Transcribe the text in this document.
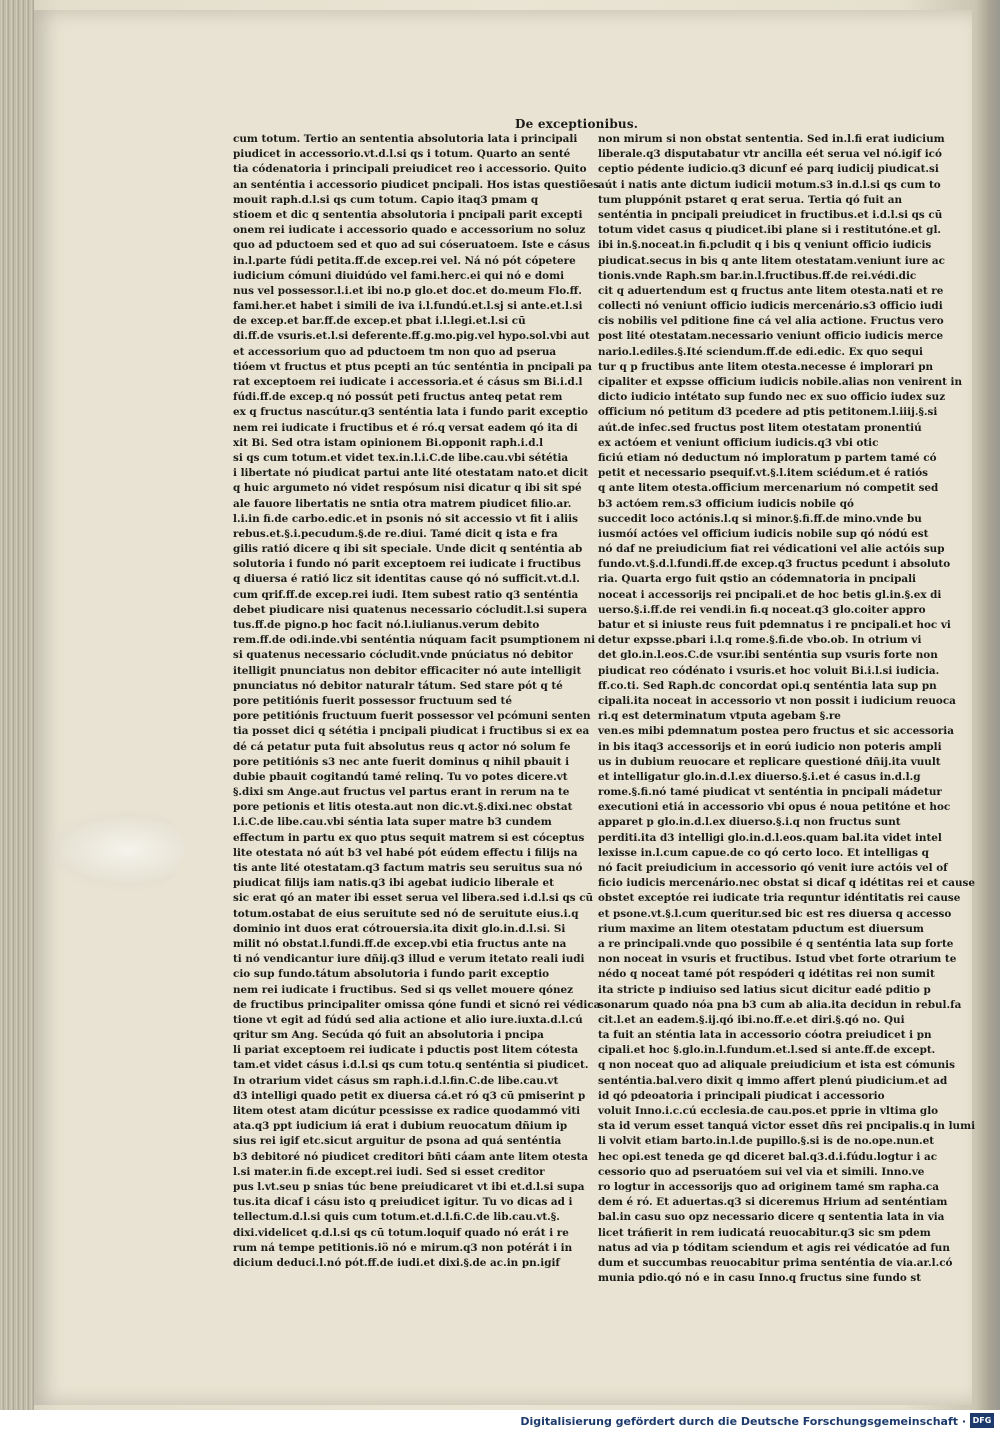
De exceptionibus.
cum totum. Tertio an sententia absolutoria lata i principali
piudicet in accessorio.vt.d.l.si qs i totum. Quarto an senté
tia códenatoria i principali preiudicet reo i accessorio. Quito
an senténtia i accessorio piudicet pncipali. Hos istas questiões
mouit raph.d.l.si qs cum totum. Capio itaq3 pmam q
stioem et dic q sententia absolutoria i pncipali parit excepti
onem rei iudicate i accessorio quado e accessorium no soluz
quo ad pductoem sed et quo ad sui cóseruatoem. Iste e cásus
in.l.parte fúdi petita.ff.de excep.rei vel. Ná nó pót cópetere
iudicium cómuni diuidúdo vel fami.herc.ei qui nó e domi
nus vel possessor.l.i.et ibi no.p glo.et doc.et do.meum Flo.ff.
fami.her.et habet i simili de iva i.l.fundú.et.l.sj si ante.et.l.si
de excep.et bar.ff.de excep.et pbat i.l.legi.et.l.si cū
di.ff.de vsuris.et.l.si deferente.ff.g.mo.pig.vel hypo.sol.vbi aut
et accessorium quo ad pductoem tm non quo ad pserua
tióem vt fructus et ptus pcepti an túc senténtia in pncipali pa
rat exceptoem rei iudicate i accessoria.et é cásus sm Bi.i.d.l
fúdi.ff.de excep.q nó possút peti fructus anteq petat rem
ex q fructus nascútur.q3 senténtia lata i fundo parit exceptio
nem rei iudicate i fructibus et é ró.q versat eadem qó ita di
xit Bi. Sed otra istam opinionem Bi.opponit raph.i.d.l
si qs cum totum.et videt tex.in.l.i.C.de libe.cau.vbi sététia
i libertate nó piudicat partui ante lité otestatam nato.et dicit
q huic argumeto nó videt respósum nisi dicatur q ibi sit spé
ale fauore libertatis ne sntia otra matrem piudicet filio.ar.
l.i.in fi.de carbo.edic.et in psonis nó sit accessio vt fit i aliis
rebus.et.§.i.pecudum.§.de re.diui. Tamé dicit q ista e fra
gilis ratió dicere q ibi sit speciale. Unde dicit q senténtia ab
solutoria i fundo nó parit exceptoem rei iudicate i fructibus
q diuersa é ratió licz sit identitas cause qó nó sufficit.vt.d.l.
cum qrif.ff.de excep.rei iudi. Item subest ratio q3 senténtia
debet piudicare nisi quatenus necessario cócludit.l.si supera
tus.ff.de pigno.p hoc facit nó.l.iulianus.verum debito
rem.ff.de odi.inde.vbi senténtia núquam facit psumptionem ni
si quatenus necessario cócludit.vnde pnúciatus nó debitor
itelligit pnunciatus non debitor efficaciter nó aute intelligit
pnunciatus nó debitor naturalr tátum. Sed stare pót q té
pore petitiónis fuerit possessor fructuum sed té
pore petitiónis fructuum fuerit possessor vel pcómuni senten
tia posset dici q sététia i pncipali piudicat i fructibus si ex ea
dé cá petatur puta fuit absolutus reus q actor nó solum fe
pore petitiónis s3 nec ante fuerit dominus q nihil pbauit i
dubie pbauit cogitandú tamé relinq. Tu vo potes dicere.vt
§.dixi sm Ange.aut fructus vel partus erant in rerum na te
pore petionis et litis otesta.aut non dic.vt.§.dixi.nec obstat
l.i.C.de libe.cau.vbi séntia lata super matre b3 cundem
effectum in partu ex quo ptus sequit matrem si est cóceptus
lite otestata nó aút b3 vel habé pót eúdem effectu i filijs na
tis ante lité otestatam.q3 factum matris seu seruitus sua nó
piudicat filijs iam natis.q3 ibi agebat iudicio liberale et
sic erat qó an mater ibi esset serua vel libera.sed i.d.l.si qs cū
totum.ostabat de eius seruitute sed nó de seruitute eius.i.q
dominio int duos erat cótrouersia.ita dixit glo.in.d.l.si. Si
milit nó obstat.l.fundi.ff.de excep.vbi etia fructus ante na
ti nó vendicantur iure dñij.q3 illud e verum itetato reali iudi
cio sup fundo.tátum absolutoria i fundo parit exceptio
nem rei iudicate i fructibus. Sed si qs vellet mouere qónez
de fructibus principaliter omissa qóne fundi et sicnó rei védica
tione vt egit ad fúdú sed alia actione et alio iure.iuxta.d.l.cú
qritur sm Ang. Secúda qó fuit an absolutoria i pncipa
li pariat exceptoem rei iudicate i pductis post litem cótesta
tam.et videt cásus i.d.l.si qs cum totu.q senténtia si piudicet.
In otrarium videt cásus sm raph.i.d.l.fin.C.de libe.cau.vt
d3 intelligi quado petit ex diuersa cá.et ró q3 cū pmiserint p
litem otest atam dicútur pcessisse ex radice quodammó viti
ata.q3 ppt iudicium iá erat i dubium reuocatum dñium ip
sius rei igif etc.sicut arguitur de psona ad quá senténtia
b3 debitoré nó piudicet creditori bñti cáam ante litem otesta
l.si mater.in fi.de except.rei iudi. Sed si esset creditor
pus l.vt.seu p snias túc bene preiudicaret vt ibi et.d.l.si supa
tus.ita dicaf i cásu isto q preiudicet igitur. Tu vo dicas ad i
tellectum.d.l.si quis cum totum.et.d.l.fi.C.de lib.cau.vt.§.
dixi.videlicet q.d.l.si qs cū totum.loquif quado nó erát i re
rum ná tempe petitionis.iö nó e mirum.q3 non potérát i in
dicium deduci.l.nó pót.ff.de iudi.et dixi.§.de ac.in pn.igif
non mirum si non obstat sententia. Sed in.l.fi erat iudicium
liberale.q3 disputabatur vtr ancilla eét serua vel nó.igif icó
ceptio pédente iudicio.q3 dicunf eé parq iudicij piudicat.si
aút i natis ante dictum iudicii motum.s3 in.d.l.si qs cum to
tum pluppónit pstaret q erat serua. Tertia qó fuit an
senténtia in pncipali preiudicet in fructibus.et i.d.l.si qs cū
totum videt casus q piudicet.ibi plane si i restitutóne.et gl.
ibi in.§.noceat.in fi.pcludit q i bis q veniunt officio iudicis
piudicat.secus in bis q ante litem otestatam.veniunt iure ac
tionis.vnde Raph.sm bar.in.l.fructibus.ff.de rei.védi.dic
cit q aduertendum est q fructus ante litem otesta.nati et re
collecti nó veniunt officio iudicis mercenário.s3 officio iudi
cis nobilis vel pditione fine cá vel alia actione. Fructus vero
post lité otestatam.necessario veniunt officio iudicis merce
nario.l.ediles.§.Ité sciendum.ff.de edi.edic. Ex quo sequi
tur q p fructibus ante litem otesta.necesse é implorari pn
cipaliter et expsse officium iudicis nobile.alias non venirent in
dicto iudicio intétato sup fundo nec ex suo officio iudex suz
officium nó petitum d3 pcedere ad ptis petitonem.l.iiij.§.si
aút.de infec.sed fructus post litem otestatam pronentiú
ex actóem et veniunt officium iudicis.q3 vbi otic
ficiú etiam nó deductum nó imploratum p partem tamé có
petit et necessario psequif.vt.§.l.item sciédum.et é ratiós
q ante litem otesta.officium mercenarium nó competit sed
b3 actóem rem.s3 officium iudicis nobile qó
succedit loco actónis.l.q si minor.§.fi.ff.de mino.vnde bu
iusmóí actóes vel officium iudicis nobile sup qó nódú est
nó daf ne preiudicium fiat rei védicationi vel alie actóis sup
fundo.vt.§.d.l.fundi.ff.de excep.q3 fructus pcedunt i absoluto
ria. Quarta ergo fuit qstio an códemnatoria in pncipali
noceat i accessorijs rei pncipali.et de hoc betis gl.in.§.ex di
uerso.§.i.ff.de rei vendi.in fi.q noceat.q3 glo.coiter appro
batur et si iniuste reus fuit pdemnatus i re pncipali.et hoc vi
detur expsse.pbari i.l.q rome.§.fi.de vbo.ob. In otrium vi
det glo.in.l.eos.C.de vsur.ibi senténtia sup vsuris forte non
piudicat reo códénato i vsuris.et hoc voluit Bi.i.l.si iudicia.
ff.co.ti. Sed Raph.dc concordat opi.q senténtia lata sup pn
cipali.ita noceat in accessorio vt non possit i iudicium reuoca
ri.q est determinatum vtputa agebam §.re
ven.es mibi pdemnatum postea pero fructus et sic accessoria
in bis itaq3 accessorijs et in eorú iudicio non poteris ampli
us in dubium reuocare et replicare questioné dñij.ita vuult
et intelligatur glo.in.d.l.ex diuerso.§.i.et é casus in.d.l.g
rome.§.fi.nó tamé piudicat vt senténtia in pncipali mádetur
executioni etiá in accessorio vbi opus é noua petitóne et hoc
apparet p glo.in.d.l.ex diuerso.§.i.q non fructus sunt
perditi.ita d3 intelligi glo.in.d.l.eos.quam bal.ita videt intel
lexisse in.l.cum capue.de co qó certo loco. Et intelligas q
nó facit preiudicium in accessorio qó venit iure actóis vel of
ficio iudicis mercenário.nec obstat si dicaf q idétitas rei et cause
obstet exceptóe rei iudicate tria requntur idéntitatis rei cause
et psone.vt.§.l.cum queritur.sed bic est res diuersa q accesso
rium maxime an litem otestatam pductum est diuersum
a re principali.vnde quo possibile é q senténtia lata sup forte
non noceat in vsuris et fructibus. Istud vbet forte otrarium te
nédo q noceat tamé pót respóderi q idétitas rei non sumit
ita stricte p indiuiso sed latius sicut dicitur eadé pditio p
sonarum quado nóa pna b3 cum ab alia.ita decidun in rebul.fa
cit.l.et an eadem.§.ij.qó ibi.no.ff.e.et diri.§.qó no. Qui
ta fuit an sténtia lata in accessorio cóotra preiudicet i pn
cipali.et hoc §.glo.in.l.fundum.et.l.sed si ante.ff.de except.
q non noceat quo ad aliquale preiudicium et ista est cómunis
senténtia.bal.vero dixit q immo affert plenú piudicium.et ad
id qó pdeoatoria i principali piudicat i accessorio
voluit Inno.i.c.cú ecclesia.de cau.pos.et pprie in vltima glo
sta id verum esset tanquá victor esset dñs rei pncipalis.q in lumi
li volvit etiam barto.in.l.de pupillo.§.si is de no.ope.nun.et
hec opi.est teneda ge qd diceret bal.q3.d.i.fúdu.logtur i ac
cessorio quo ad pseruatóem sui vel via et simili. Inno.ve
ro logtur in accessorijs quo ad originem tamé sm rapha.ca
dem é ró. Et aduertas.q3 si diceremus Hrium ad senténtiam
bal.in casu suo opz necessario dicere q sententia lata in via
licet tráfierit in rem iudicatá reuocabitur.q3 sic sm pdem
natus ad via p tóditam sciendum et agis rei védicatóe ad fun
dum et succumbas reuocabitur prima senténtia de via.ar.l.có
munia pdio.qó nó e in casu Inno.q fructus sine fundo st
Digitalisierung gefördert durch die Deutsche Forschungsgemeinschaft · DFG
